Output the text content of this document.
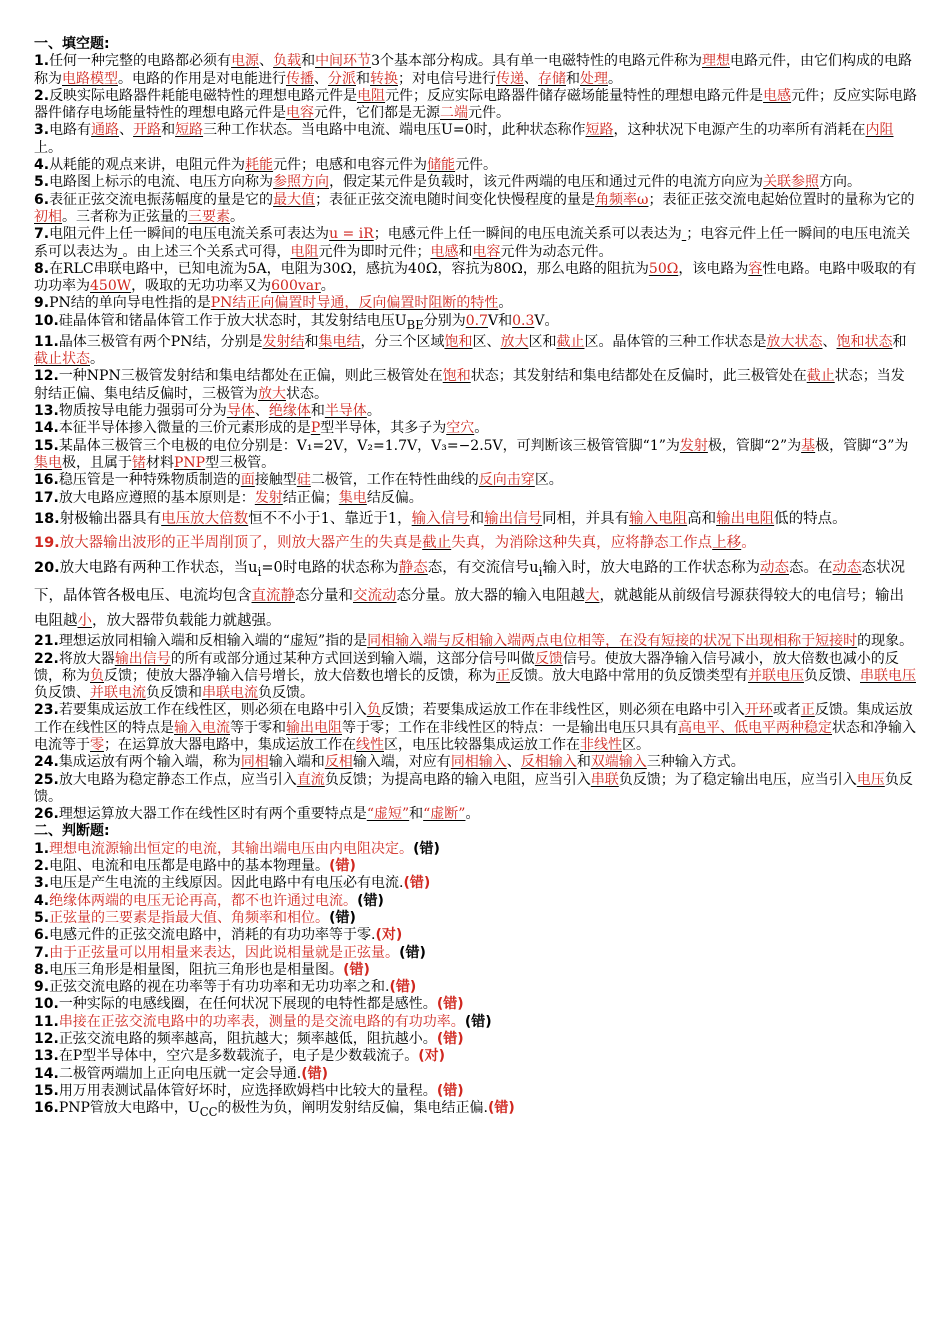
一、填空题:

1.任何一种完整的电路都必须有电源、负载和中间环节3个基本部分构成。具有单一电磁特性的电路元件称为理想电路元件，由它们构成的电路称为电路模型。电路的作用是对电能进行传播、分派和转换；对电信号进行传递、存储和处理。

2.反映实际电路器件耗能电磁特性的理想电路元件是电阻元件；反应实际电路器件储存磁场能量特性的理想电路元件是电感元件；反应实际电路器件储存电场能量特性的理想电路元件是电容元件，它们都是无源二端元件。

3.电路有通路、开路和短路三种工作状态。当电路中电流、端电压U=0时，此种状态称作短路，这种状况下电源产生的功率所有消耗在内阻上。

4.从耗能的观点来讲，电阻元件为耗能元件；电感和电容元件为储能元件。

5.电路图上标示的电流、电压方向称为参照方向，假定某元件是负载时，该元件两端的电压和通过元件的电流方向应为关联参照方向。

6.表征正弦交流电振荡幅度的量是它的最大值；表征正弦交流电随时间变化快慢程度的量是角频率ω；表征正弦交流电起始位置时的量称为它的初相。三者称为正弦量的三要素。

7.电阻元件上任一瞬间的电压电流关系可表达为u = iR；电感元件上任一瞬间的电压电流关系可以表达为 ；电容元件上任一瞬间的电压电流关系可以表达为 。由上述三个关系式可得，电阻元件为即时元件；电感和电容元件为动态元件。

8.在RLC串联电路中，已知电流为5A，电阻为30Ω，感抗为40Ω，容抗为80Ω，那么电路的阻抗为50Ω，该电路为容性电路。电路中吸取的有功功率为450W，吸取的无功功率又为600var。

9.PN结的单向导电性指的是PN结正向偏置时导通，反向偏置时阻断的特性。

10.硅晶体管和锗晶体管工作于放大状态时，其发射结电压$U_{BE}$分别为0.7V和0.3V。

11.晶体三极管有两个PN结，分别是发射结和集电结，分三个区域饱和区、放大区和截止区。晶体管的三种工作状态是放大状态、饱和状态和截止状态。

12.一种NPN三极管发射结和集电结都处在正偏，则此三极管处在饱和状态；其发射结和集电结都处在反偏时，此三极管处在截止状态；当发射结正偏、集电结反偏时，三极管为放大状态。

13.物质按导电能力强弱可分为导体、绝缘体和半导体。

14.本征半导体掺入微量的三价元素形成的是P型半导体，其多子为空穴。

15.某晶体三极管三个电极的电位分别是：V₁=2V，V₂=1.7V，V₃=−2.5V，可判断该三极管管脚“1”为发射极，管脚“2”为基极，管脚“3”为集电极，且属于锗材料PNP型三极管。

16.稳压管是一种特殊物质制造的面接触型硅二极管，工作在特性曲线的反向击穿区。

17.放大电路应遵照的基本原则是：发射结正偏；集电结反偏。

18.射极输出器具有电压放大倍数恒不不小于1、靠近于1，输入信号和输出信号同相，并具有输入电阻高和输出电阻低的特点。

19.放大器输出波形的正半周削顶了，则放大器产生的失真是截止失真，为消除这种失真，应将静态工作点上移。

20.放大电路有两种工作状态，当$u_i=0$时电路的状态称为静态态，有交流信号$u_i$输入时，放大电路的工作状态称为动态态。在动态态状况下，晶体管各极电压、电流均包含直流静态分量和交流动态分量。放大器的输入电阻越大，就越能从前级信号源获得较大的电信号；输出电阻越小，放大器带负载能力就越强。

21.理想运放同相输入端和反相输入端的“虚短”指的是同相输入端与反相输入端两点电位相等，在没有短接的状况下出现相称于短接时的现象。

22.将放大器输出信号的所有或部分通过某种方式回送到输入端，这部分信号叫做反馈信号。使放大器净输入信号减小，放大倍数也减小的反馈，称为负反馈；使放大器净输入信号增长，放大倍数也增长的反馈，称为正反馈。放大电路中常用的负反馈类型有并联电压负反馈、串联电压负反馈、并联电流负反馈和串联电流负反馈。

23.若要集成运放工作在线性区，则必须在电路中引入负反馈；若要集成运放工作在非线性区，则必须在电路中引入开环或者正反馈。集成运放工作在线性区的特点是输入电流等于零和输出电阻等于零；工作在非线性区的特点：一是输出电压只具有高电平、低电平两种稳定状态和净输入电流等于零；在运算放大器电路中，集成运放工作在线性区，电压比较器集成运放工作在非线性区。

24.集成运放有两个输入端，称为同相输入端和反相输入端，对应有同相输入、反相输入和双端输入三种输入方式。

25.放大电路为稳定静态工作点，应当引入直流负反馈；为提高电路的输入电阻，应当引入串联负反馈；为了稳定输出电压，应当引入电压负反馈。

26.理想运算放大器工作在线性区时有两个重要特点是“虚短”和“虚断”。

二、判断题:

1.理想电流源输出恒定的电流，其输出端电压由内电阻决定。(错)

2.电阻、电流和电压都是电路中的基本物理量。(错)

3.电压是产生电流的主线原因。因此电路中有电压必有电流.(错)

4.绝缘体两端的电压无论再高，都不也许通过电流。(错)

5.正弦量的三要素是指最大值、角频率和相位。(错)

6.电感元件的正弦交流电路中，消耗的有功功率等于零.(对)

7.由于正弦量可以用相量来表达，因此说相量就是正弦量。(错)

8.电压三角形是相量图，阻抗三角形也是相量图。(错)

9.正弦交流电路的视在功率等于有功功率和无功功率之和.(错)

10.一种实际的电感线圈，在任何状况下展现的电特性都是感性。(错)

11.串接在正弦交流电路中的功率表，测量的是交流电路的有功功率。(错)

12.正弦交流电路的频率越高，阻抗越大；频率越低，阻抗越小。(错)

13.在P型半导体中，空穴是多数载流子，电子是少数载流子。(对)

14.二极管两端加上正向电压就一定会导通.(错)

15.用万用表测试晶体管好坏时，应选择欧姆档中比较大的量程。(错)

16.PNP管放大电路中，$U_{CC}$的极性为负，阐明发射结反偏，集电结正偏.(错)
